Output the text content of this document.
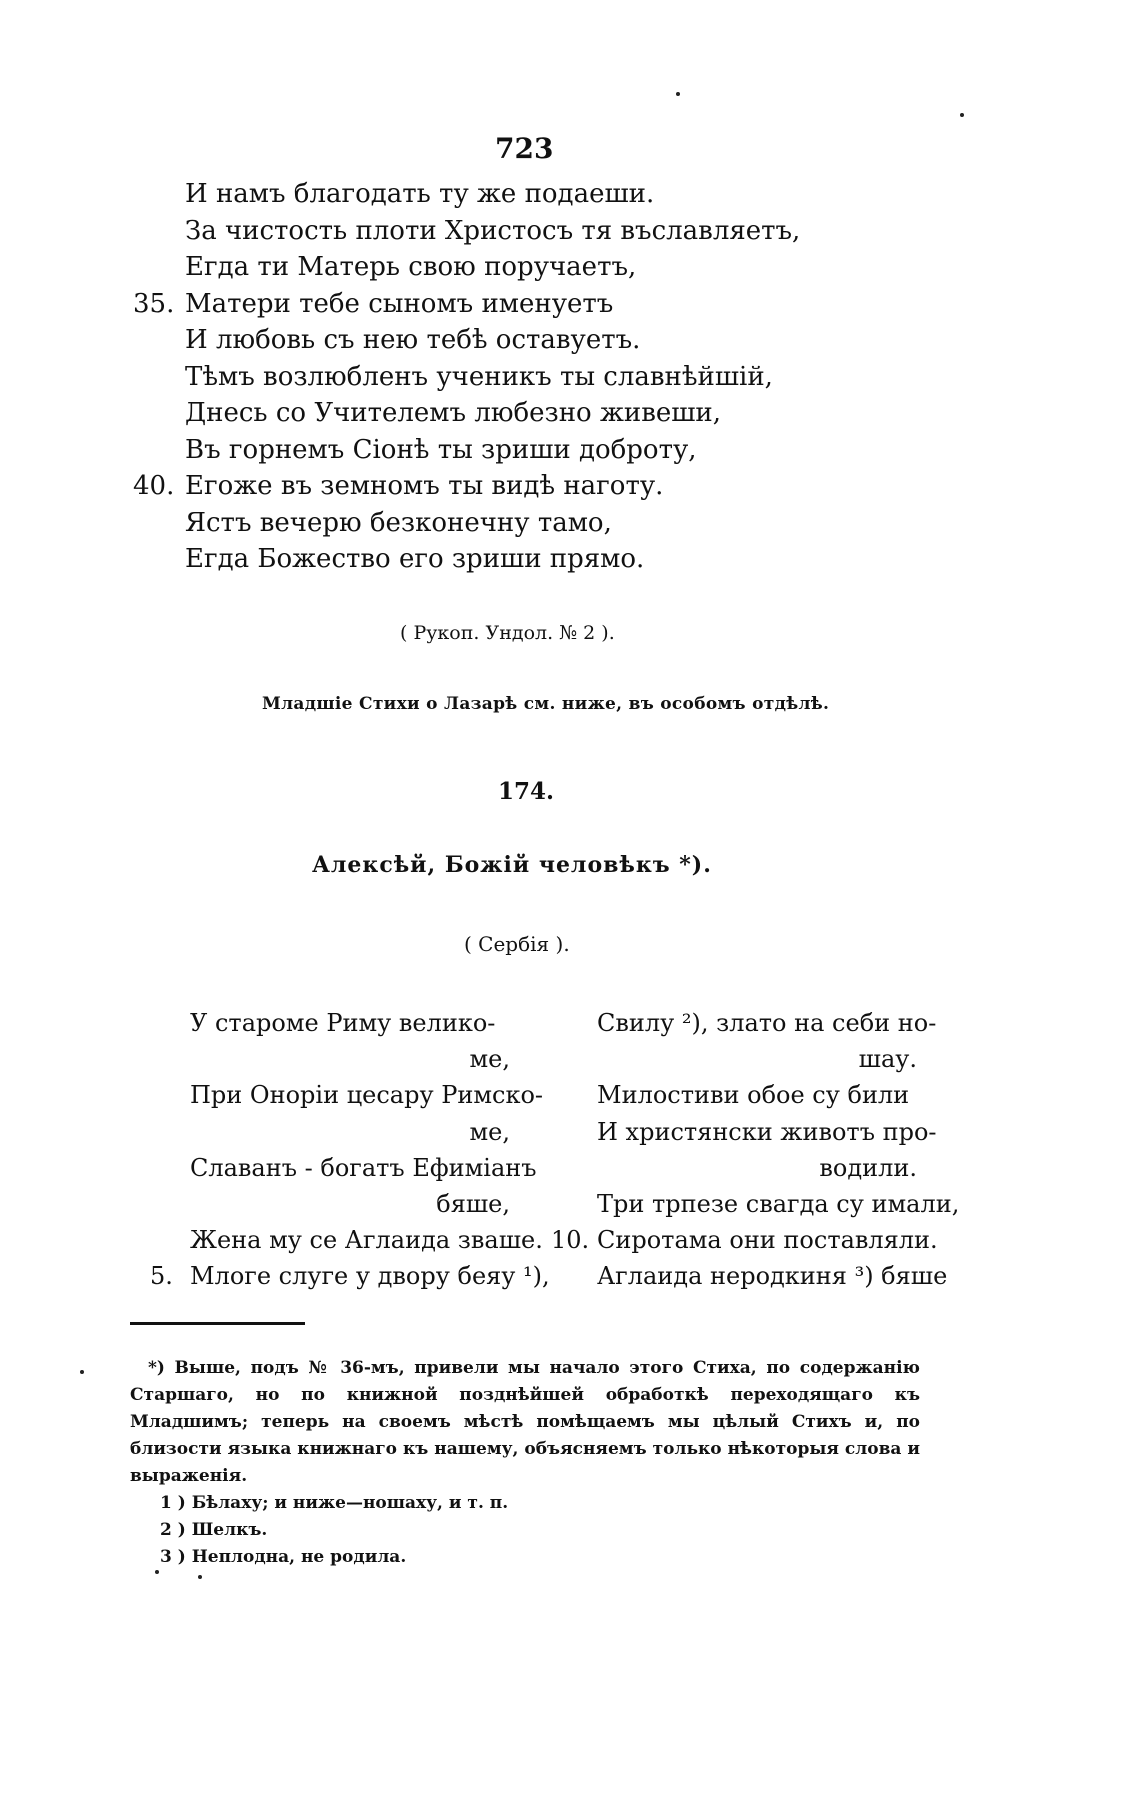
723
И намъ благодать ту же подаеши.
За чистость плоти Христосъ тя въславляетъ,
Егда ти Матерь свою поручаетъ,
35. Матери тебе сыномъ именуетъ
И любовь съ нею тебѣ оставуетъ.
Тѣмъ возлюбленъ ученикъ ты славнѣйшій,
Днесь со Учителемъ любезно живеши,
Въ горнемъ Сіонѣ ты зриши доброту,
40. Егоже въ земномъ ты видѣ наготу.
Ястъ вечерю безконечну тамо,
Егда Божество его зриши прямо.
( Рукоп. Ундол. № 2 ).
Младшіе Стихи о Лазарѣ см. ниже, въ особомъ отдѣлѣ.
174.
Алексѣй, Божій человѣкъ *).
( Сербія ).
У староме Риму велико-
ме,
При Оноріи цесару Римско-
ме,
Славанъ - богатъ Ефиміанъ
бяше,
Жена му се Аглаида зваше.
5. Млоге слуге у двору беяу ¹),
Свилу ²), злато на себи но-
шау.
Милостиви обое су били
И христянски животъ про-
водили.
Три трпезе свагда су имали,
10. Сиротама они поставляли.
Аглаида неродкиня ³) бяше
*) Выше, подъ № 36-мъ, привели мы начало этого Стиха, по содержанію Старшаго, но по книжной позднѣйшей обработкѣ переходящаго къ Младшимъ; теперь на своемъ мѣстѣ помѣщаемъ мы цѣлый Стихъ и, по близости языка книжнаго къ нашему, объясняемъ только нѣкоторыя слова и выраженія.
1 ) Бѣлаху; и ниже—ношаху, и т. п.
2 ) Шелкъ.
3 ) Неплодна, не родила.
